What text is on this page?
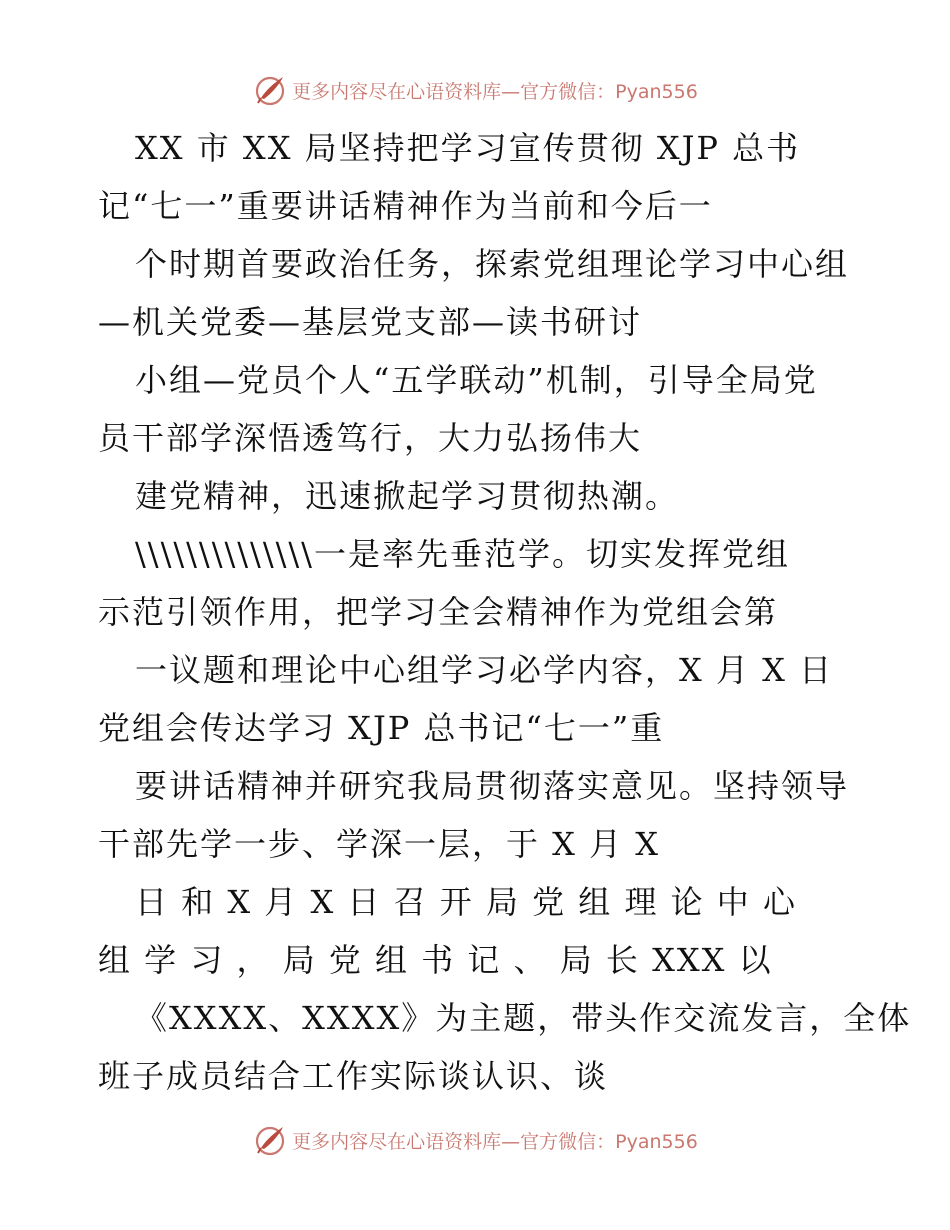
更多内容尽在心语资料库—官方微信：Pyan556
XX 市 XX 局坚持把学习宣传贯彻 XJP 总书
记“七一”重要讲话精神作为当前和今后一
个时期首要政治任务，探索党组理论学习中心组
—机关党委—基层党支部—读书研讨
小组—党员个人“五学联动”机制，引导全局党
员干部学深悟透笃行，大力弘扬伟大
建党精神，迅速掀起学习贯彻热潮。
\\\\\\\\\\\\\\一是率先垂范学。切实发挥党组
示范引领作用，把学习全会精神作为党组会第
一议题和理论中心组学习必学内容，X 月 X 日
党组会传达学习 XJP 总书记“七一”重
要讲话精神并研究我局贯彻落实意见。坚持领导
干部先学一步、学深一层，于 X 月 X
日 和 X 月 X 日 召 开 局 党 组 理 论 中 心
组 学 习 ， 局 党 组 书 记 、 局 长 XXX 以
《XXXX、XXXX》为主题，带头作交流发言，全体
班子成员结合工作实际谈认识、谈
更多内容尽在心语资料库—官方微信：Pyan556
